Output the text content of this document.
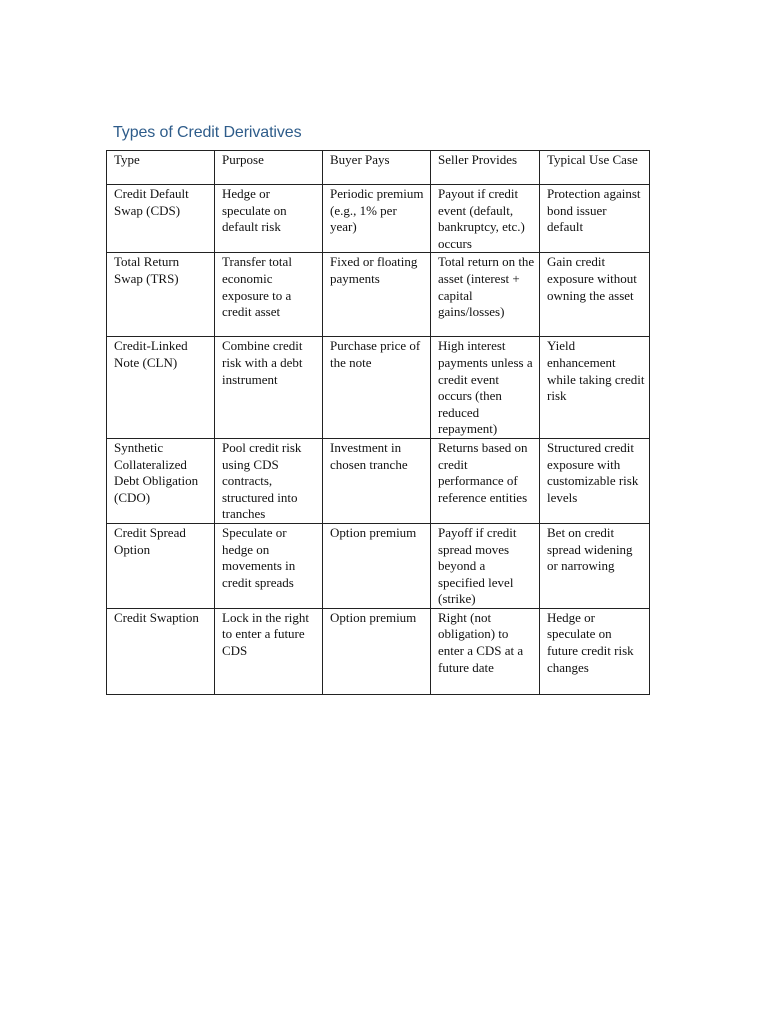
Types of Credit Derivatives
Type	Purpose	Buyer Pays	Seller Provides	Typical Use Case
Credit Default Swap (CDS)	Hedge or speculate on default risk	Periodic premium (e.g., 1% per year)	Payout if credit event (default, bankruptcy, etc.) occurs	Protection against bond issuer default
Total Return Swap (TRS)	Transfer total economic exposure to a credit asset	Fixed or floating payments	Total return on the asset (interest + capital gains/losses)	Gain credit exposure without owning the asset
Credit-Linked Note (CLN)	Combine credit risk with a debt instrument	Purchase price of the note	High interest payments unless a credit event occurs (then reduced repayment)	Yield enhancement while taking credit risk
Synthetic Collateralized Debt Obligation (CDO)	Pool credit risk using CDS contracts, structured into tranches	Investment in chosen tranche	Returns based on credit performance of reference entities	Structured credit exposure with customizable risk levels
Credit Spread Option	Speculate or hedge on movements in credit spreads	Option premium	Payoff if credit spread moves beyond a specified level (strike)	Bet on credit spread widening or narrowing
Credit Swaption	Lock in the right to enter a future CDS	Option premium	Right (not obligation) to enter a CDS at a future date	Hedge or speculate on future credit risk changes
